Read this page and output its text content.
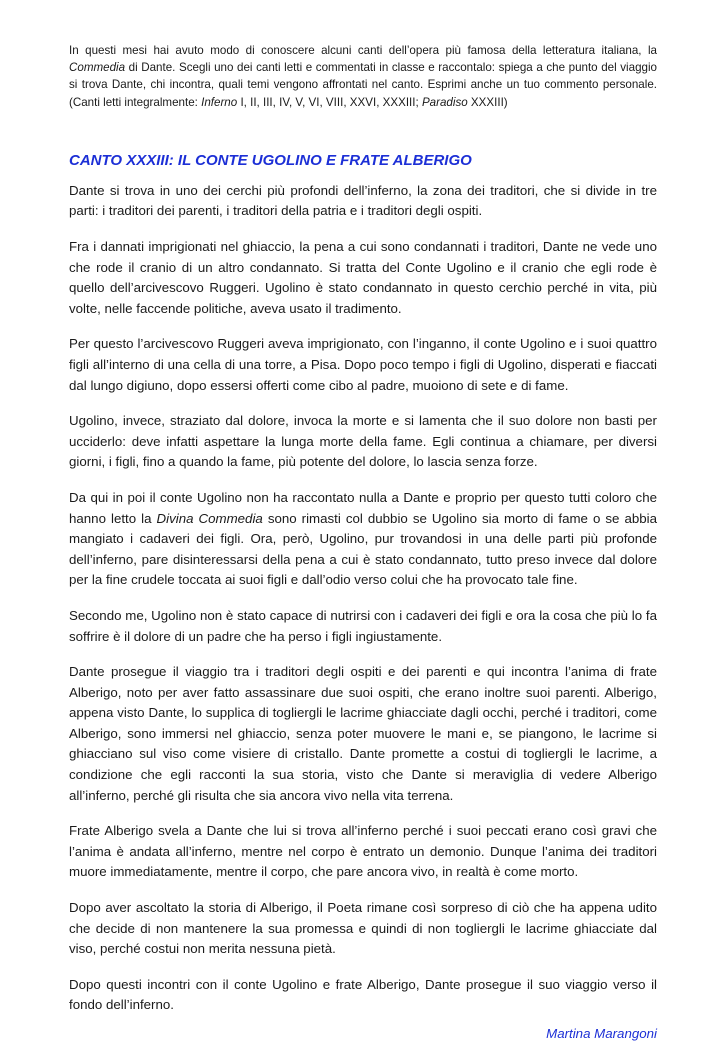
In questi mesi hai avuto modo di conoscere alcuni canti dell’opera più famosa della letteratura italiana, la Commedia di Dante. Scegli uno dei canti letti e commentati in classe e raccontalo: spiega a che punto del viaggio si trova Dante, chi incontra, quali temi vengono affrontati nel canto. Esprimi anche un tuo commento personale. (Canti letti integralmente: Inferno I, II, III, IV, V, VI, VIII, XXVI, XXXIII; Paradiso XXXIII)

CANTO XXXIII: IL CONTE UGOLINO E FRATE ALBERIGO

Dante si trova in uno dei cerchi più profondi dell’inferno, la zona dei traditori, che si divide in tre parti: i traditori dei parenti, i traditori della patria e i traditori degli ospiti.

Fra i dannati imprigionati nel ghiaccio, la pena a cui sono condannati i traditori, Dante ne vede uno che rode il cranio di un altro condannato. Si tratta del Conte Ugolino e il cranio che egli rode è quello dell’arcivescovo Ruggeri. Ugolino è stato condannato in questo cerchio perché in vita, più volte, nelle faccende politiche, aveva usato il tradimento.

Per questo l’arcivescovo Ruggeri aveva imprigionato, con l’inganno, il conte Ugolino e i suoi quattro figli all’interno di una cella di una torre, a Pisa. Dopo poco tempo i figli di Ugolino, disperati e fiaccati dal lungo digiuno, dopo essersi offerti come cibo al padre, muoiono di sete e di fame.

Ugolino, invece, straziato dal dolore, invoca la morte e si lamenta che il suo dolore non basti per ucciderlo: deve infatti aspettare la lunga morte della fame. Egli continua a chiamare, per diversi giorni, i figli, fino a quando la fame, più potente del dolore, lo lascia senza forze.

Da qui in poi il conte Ugolino non ha raccontato nulla a Dante e proprio per questo tutti coloro che hanno letto la Divina Commedia sono rimasti col dubbio se Ugolino sia morto di fame o se abbia mangiato i cadaveri dei figli. Ora, però, Ugolino, pur trovandosi in una delle parti più profonde dell’inferno, pare disinteressarsi della pena a cui è stato condannato, tutto preso invece dal dolore per la fine crudele toccata ai suoi figli e dall’odio verso colui che ha provocato tale fine.

Secondo me, Ugolino non è stato capace di nutrirsi con i cadaveri dei figli e ora la cosa che più lo fa soffrire è il dolore di un padre che ha perso i figli ingiustamente.

Dante prosegue il viaggio tra i traditori degli ospiti e dei parenti e qui incontra l’anima di frate Alberigo, noto per aver fatto assassinare due suoi ospiti, che erano inoltre suoi parenti. Alberigo, appena visto Dante, lo supplica di togliergli le lacrime ghiacciate dagli occhi, perché i traditori, come Alberigo, sono immersi nel ghiaccio, senza poter muovere le mani e, se piangono, le lacrime si ghiacciano sul viso come visiere di cristallo. Dante promette a costui di togliergli le lacrime, a condizione che egli racconti la sua storia, visto che Dante si meraviglia di vedere Alberigo all’inferno, perché gli risulta che sia ancora vivo nella vita terrena.

Frate Alberigo svela a Dante che lui si trova all’inferno perché i suoi peccati erano così gravi che l’anima è andata all’inferno, mentre nel corpo è entrato un demonio. Dunque l’anima dei traditori muore immediatamente, mentre il corpo, che pare ancora vivo, in realtà è come morto.

Dopo aver ascoltato la storia di Alberigo, il Poeta rimane così sorpreso di ciò che ha appena udito che decide di non mantenere la sua promessa e quindi di non togliergli le lacrime ghiacciate dal viso, perché costui non merita nessuna pietà.

Dopo questi incontri con il conte Ugolino e frate Alberigo, Dante prosegue il suo viaggio verso il fondo dell’inferno.

Martina Marangoni
